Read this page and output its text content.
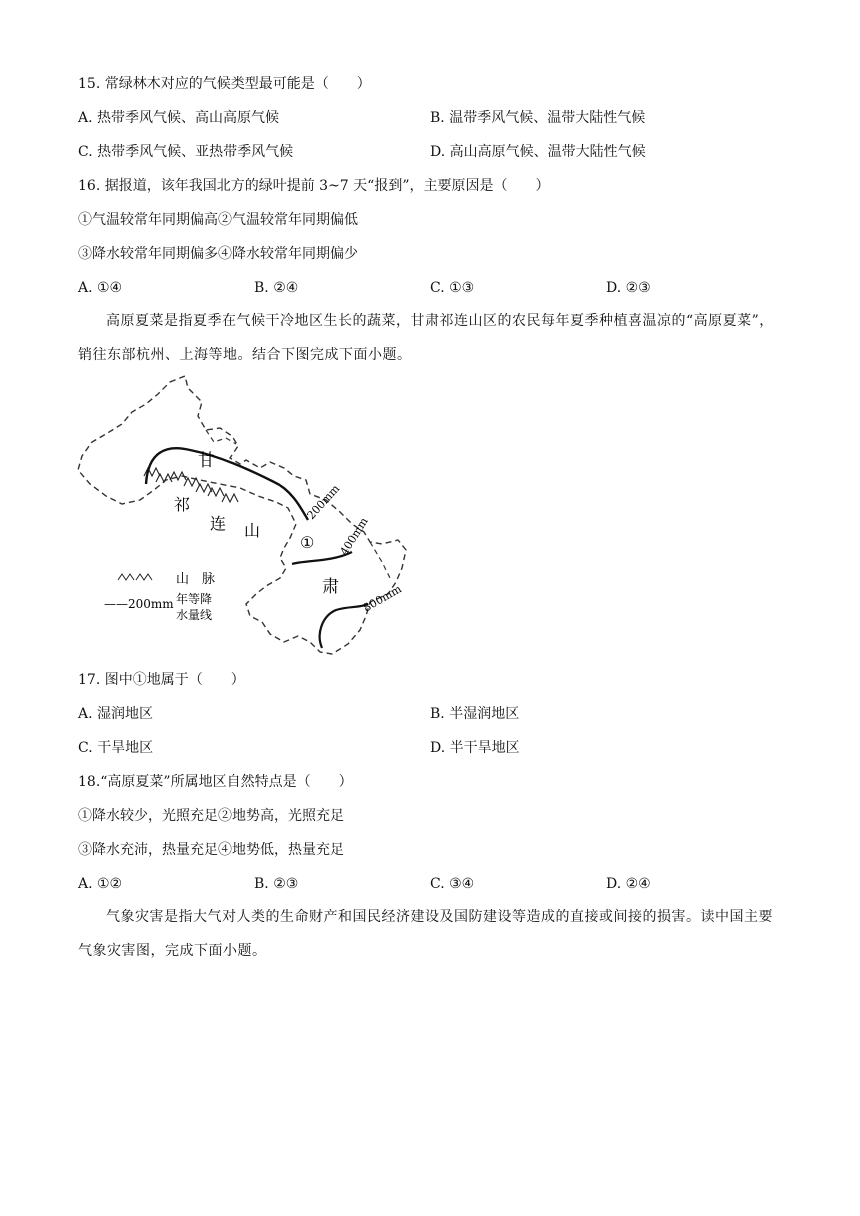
15. 常绿林木对应的气候类型最可能是（　　）
A. 热带季风气候、高山高原气候	B. 温带季风气候、温带大陆性气候
C. 热带季风气候、亚热带季风气候	D. 高山高原气候、温带大陆性气候
16. 据报道，该年我国北方的绿叶提前 3~7 天“报到”，主要原因是（　　）
①气温较常年同期偏高②气温较常年同期偏低
③降水较常年同期偏多④降水较常年同期偏少
A. ①④	B. ②④	C. ①③	D. ②③
高原夏菜是指夏季在气候干冷地区生长的蔬菜，甘肃祁连山区的农民每年夏季种植喜温凉的“高原夏菜”，销往东部杭州、上海等地。结合下图完成下面小题。
200mm
400mm
800mm
甘
祁
连 山
肃
①
山　脉
——200mm 年等降
水量线
17. 图中①地属于（　　）
A. 湿润地区	B. 半湿润地区
C. 干旱地区	D. 半干旱地区
18.“高原夏菜”所属地区自然特点是（　　）
①降水较少，光照充足②地势高，光照充足
③降水充沛，热量充足④地势低，热量充足
A. ①②	B. ②③	C. ③④	D. ②④
气象灾害是指大气对人类的生命财产和国民经济建设及国防建设等造成的直接或间接的损害。读中国主要气象灾害图，完成下面小题。
